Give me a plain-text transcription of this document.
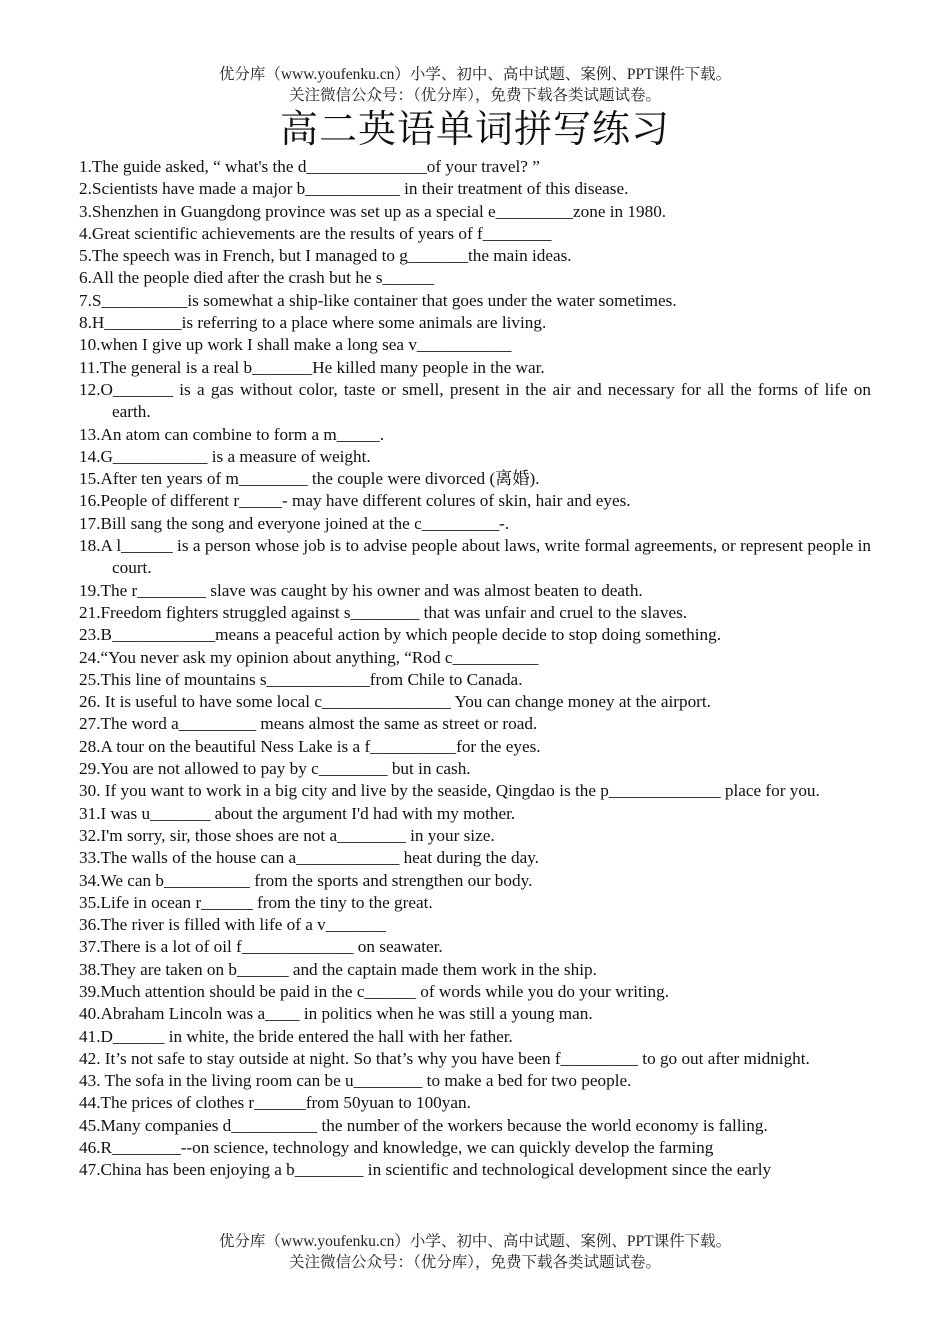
优分库（www.youfenku.cn）小学、初中、高中试题、案例、PPT课件下载。
关注微信公众号：（优分库），免费下载各类试题试卷。
高二英语单词拼写练习

1.The guide asked, “ what's the d______________of your travel? ”

2.Scientists have made a major b___________ in their treatment of this disease.

3.Shenzhen in Guangdong province was set up as a special e_________zone in 1980.

4.Great scientific achievements are the results of years of f________

5.The speech was in French, but I managed to g_______the main ideas.

6.All the people died after the crash but he s______

7.S__________is somewhat a ship-like container that goes under the water sometimes.

8.H_________is referring to a place where some animals are living.

10.when I give up work I shall make a long sea v___________

11.The general is a real b_______He killed many people in the war.

12.O_______ is a gas without color, taste or smell, present in the air and necessary for all the forms of life on earth.

13.An atom can combine to form a m_____.

14.G___________ is a measure of weight.

15.After ten years of m________ the couple were divorced (离婚).

16.People of different r_____- may have different colures of skin, hair and eyes.

17.Bill sang the song and everyone joined at the c_________-.

18.A l______ is a person whose job is to advise people about laws, write formal agreements, or represent people in court.

19.The r________ slave was caught by his owner and was almost beaten to death.

21.Freedom fighters struggled against s________ that was unfair and cruel to the slaves.

23.B____________means a peaceful action by which people decide to stop doing something.

24.“You never ask my opinion about anything, “Rod c__________

25.This line of mountains s____________from Chile to Canada.

26. It is useful to have some local c_______________ You can change money at the airport.

27.The word a_________ means almost the same as street or road.

28.A tour on the beautiful Ness Lake is a f__________for the eyes.

29.You are not allowed to pay by c________ but in cash.

30. If you want to work in a big city and live by the seaside, Qingdao is the p_____________ place for you.

31.I was u_______ about the argument I'd had with my mother.

32.I'm sorry, sir, those shoes are not a________ in your size.

33.The walls of the house can a____________ heat during the day.

34.We can b__________ from the sports and strengthen our body.

35.Life in ocean r______ from the tiny to the great.

36.The river is filled with life of a v_______

37.There is a lot of oil f_____________ on seawater.

38.They are taken on b______ and the captain made them work in the ship.

39.Much attention should be paid in the c______ of words while you do your writing.

40.Abraham Lincoln was a____ in politics when he was still a young man.

41.D______ in white, the bride entered the hall with her father.

42. It’s not safe to stay outside at night. So that’s why you have been f_________ to go out after midnight.

43. The sofa in the living room can be u________ to make a bed for two people.

44.The prices of clothes r______from 50yuan to 100yan.

45.Many companies d__________ the number of the workers because the world economy is falling.

46.R________--on science, technology and knowledge, we can quickly develop the farming

47.China has been enjoying a b________ in scientific and technological development since the early

优分库（www.youfenku.cn）小学、初中、高中试题、案例、PPT课件下载。
关注微信公众号：（优分库），免费下载各类试题试卷。
